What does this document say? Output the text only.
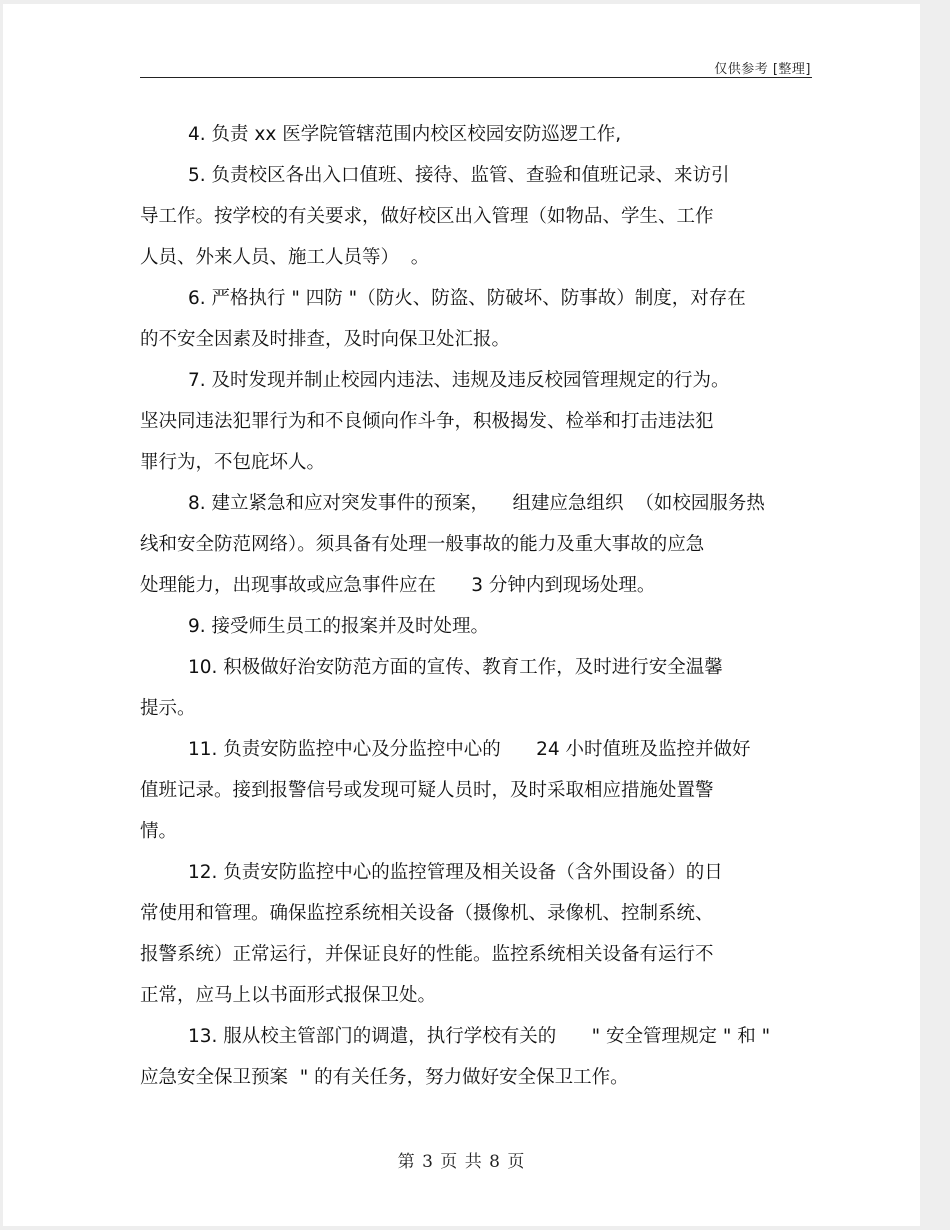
仅供参考 [整理]
4. 负责 xx 医学院管辖范围内校区校园安防巡逻工作,
5. 负责校区各出入口值班、接待、监管、查验和值班记录、来访引
导工作。按学校的有关要求，做好校区出入管理（如物品、学生、工作
人员、外来人员、施工人员等）  。
6. 严格执行 " 四防 "（防火、防盗、防破坏、防事故）制度，对存在
的不安全因素及时排查，及时向保卫处汇报。
7. 及时发现并制止校园内违法、违规及违反校园管理规定的行为。
坚决同违法犯罪行为和不良倾向作斗争，积极揭发、检举和打击违法犯
罪行为，不包庇坏人。
8. 建立紧急和应对突发事件的预案，    组建应急组织  （如校园服务热
线和安全防范网络）。须具备有处理一般事故的能力及重大事故的应急
处理能力，出现事故或应急事件应在      3 分钟内到现场处理。
9. 接受师生员工的报案并及时处理。
10. 积极做好治安防范方面的宣传、教育工作，及时进行安全温馨
提示。
11. 负责安防监控中心及分监控中心的      24 小时值班及监控并做好
值班记录。接到报警信号或发现可疑人员时，及时采取相应措施处置警
情。
12. 负责安防监控中心的监控管理及相关设备（含外围设备）的日
常使用和管理。确保监控系统相关设备（摄像机、录像机、控制系统、
报警系统）正常运行，并保证良好的性能。监控系统相关设备有运行不
正常，应马上以书面形式报保卫处。
13. 服从校主管部门的调遣，执行学校有关的      " 安全管理规定 " 和 "
应急安全保卫预案  " 的有关任务，努力做好安全保卫工作。
第 3 页 共 8 页
